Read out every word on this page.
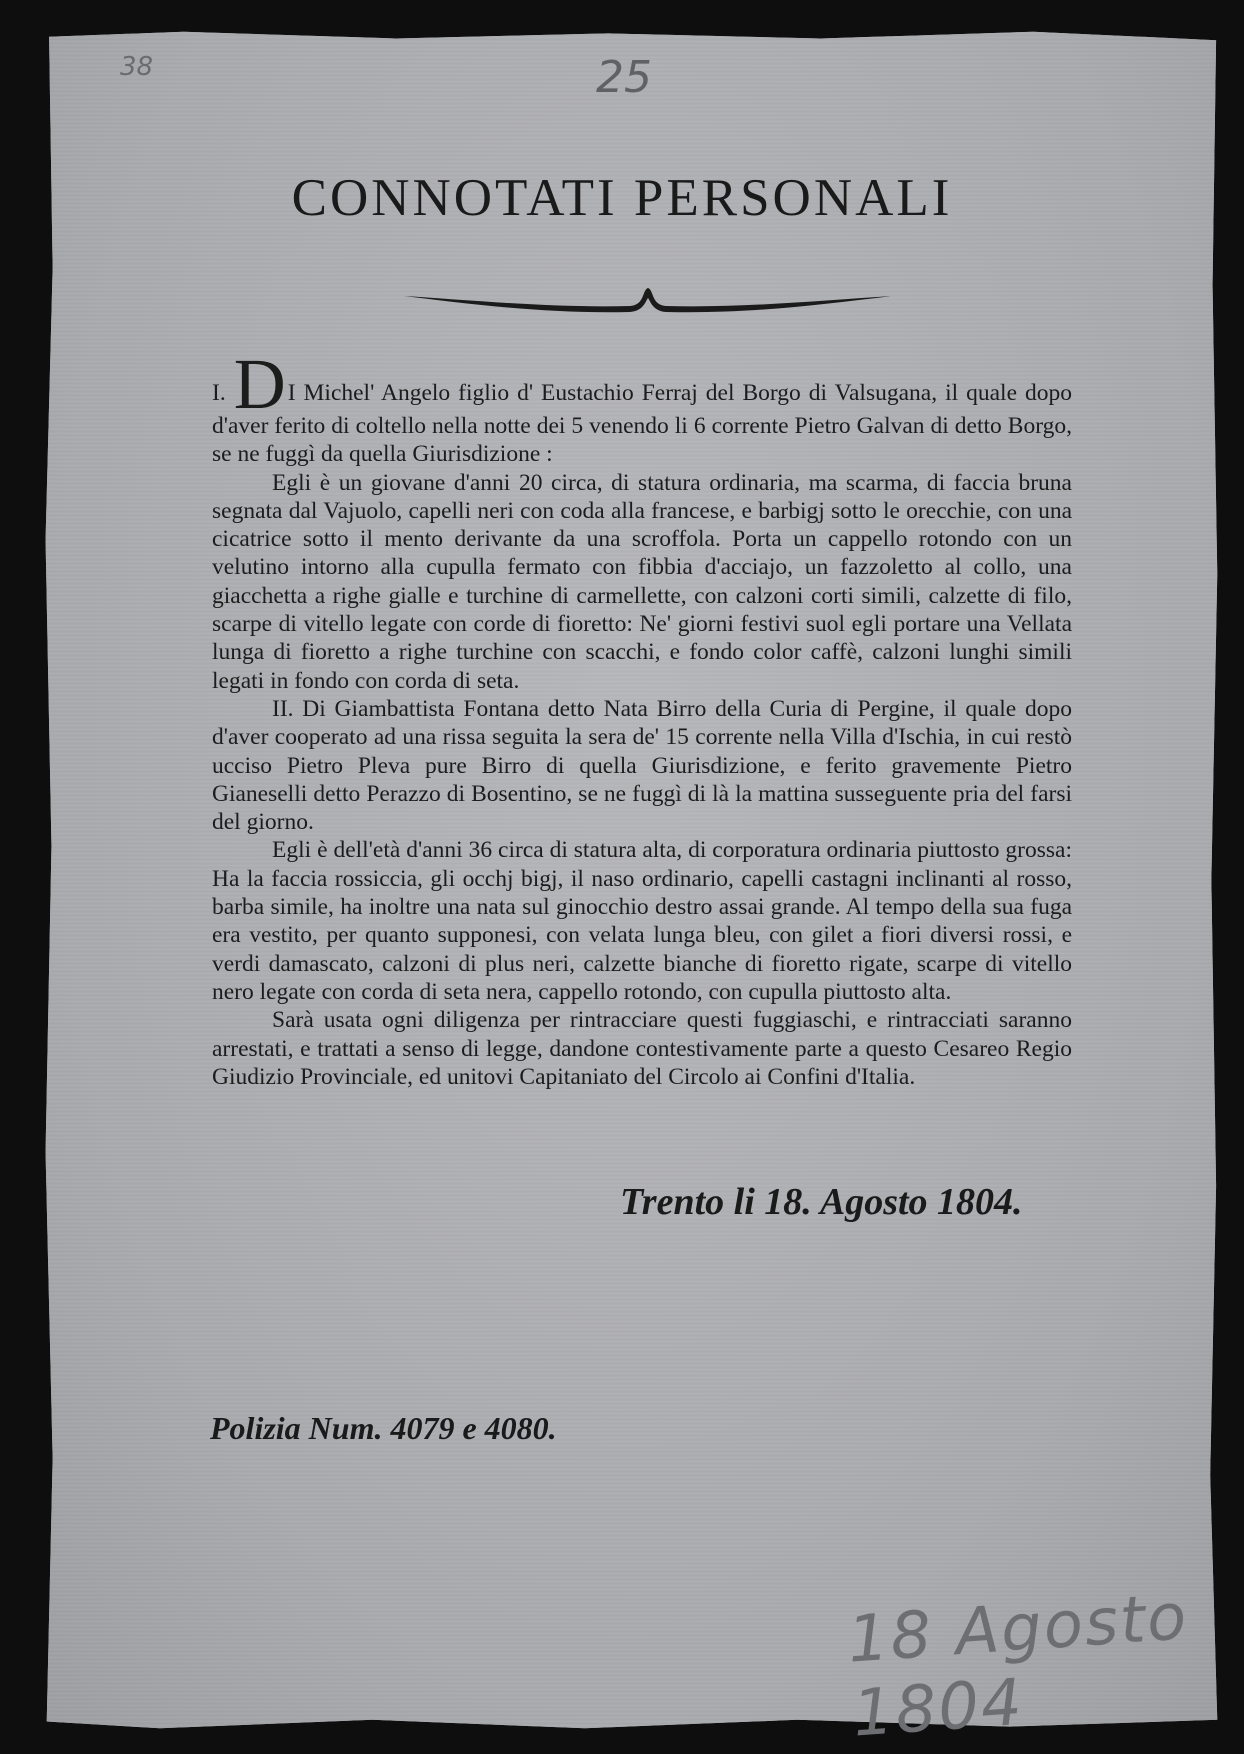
38	25
CONNOTATI PERSONALI

I. DI Michel' Angelo figlio d' Eustachio Ferraj del Borgo di Valsugana, il quale dopo d'aver ferito di coltello nella notte dei 5 venendo li 6 corrente Pietro Galvan di detto Borgo, se ne fuggì da quella Giurisdizione :

Egli è un giovane d'anni 20 circa, di statura ordinaria, ma scarma, di faccia bruna segnata dal Vajuolo, capelli neri con coda alla francese, e barbigj sotto le orecchie, con una cicatrice sotto il mento derivante da una scroffola. Porta un cappello rotondo con un velutino intorno alla cupulla fermato con fibbia d'acciajo, un fazzoletto al collo, una giacchetta a righe gialle e turchine di carmellette, con calzoni corti simili, calzette di filo, scarpe di vitello legate con corde di fioretto: Ne' giorni festivi suol egli portare una Vellata lunga di fioretto a righe turchine con scacchi, e fondo color caffè, calzoni lunghi simili legati in fondo con corda di seta.

II. Di Giambattista Fontana detto Nata Birro della Curia di Pergine, il quale dopo d'aver cooperato ad una rissa seguita la sera de' 15 corrente nella Villa d'Ischia, in cui restò ucciso Pietro Pleva pure Birro di quella Giurisdizione, e ferito gravemente Pietro Gianeselli detto Perazzo di Bosentino, se ne fuggì di là la mattina susseguente pria del farsi del giorno.

Egli è dell'età d'anni 36 circa di statura alta, di corporatura ordinaria piuttosto grossa: Ha la faccia rossiccia, gli occhj bigj, il naso ordinario, capelli castagni inclinanti al rosso, barba simile, ha inoltre una nata sul ginocchio destro assai grande. Al tempo della sua fuga era vestito, per quanto supponesi, con velata lunga bleu, con gilet a fiori diversi rossi, e verdi damascato, calzoni di plus neri, calzette bianche di fioretto rigate, scarpe di vitello nero legate con corda di seta nera, cappello rotondo, con cupulla piuttosto alta.

Sarà usata ogni diligenza per rintracciare questi fuggiaschi, e rintracciati saranno arrestati, e trattati a senso di legge, dandone contestivamente parte a questo Cesareo Regio Giudizio Provinciale, ed unitovi Capitaniato del Circolo ai Confini d'Italia.

Trento li 18. Agosto 1804.
Polizia Num. 4079 e 4080.
18 Agosto 1804
